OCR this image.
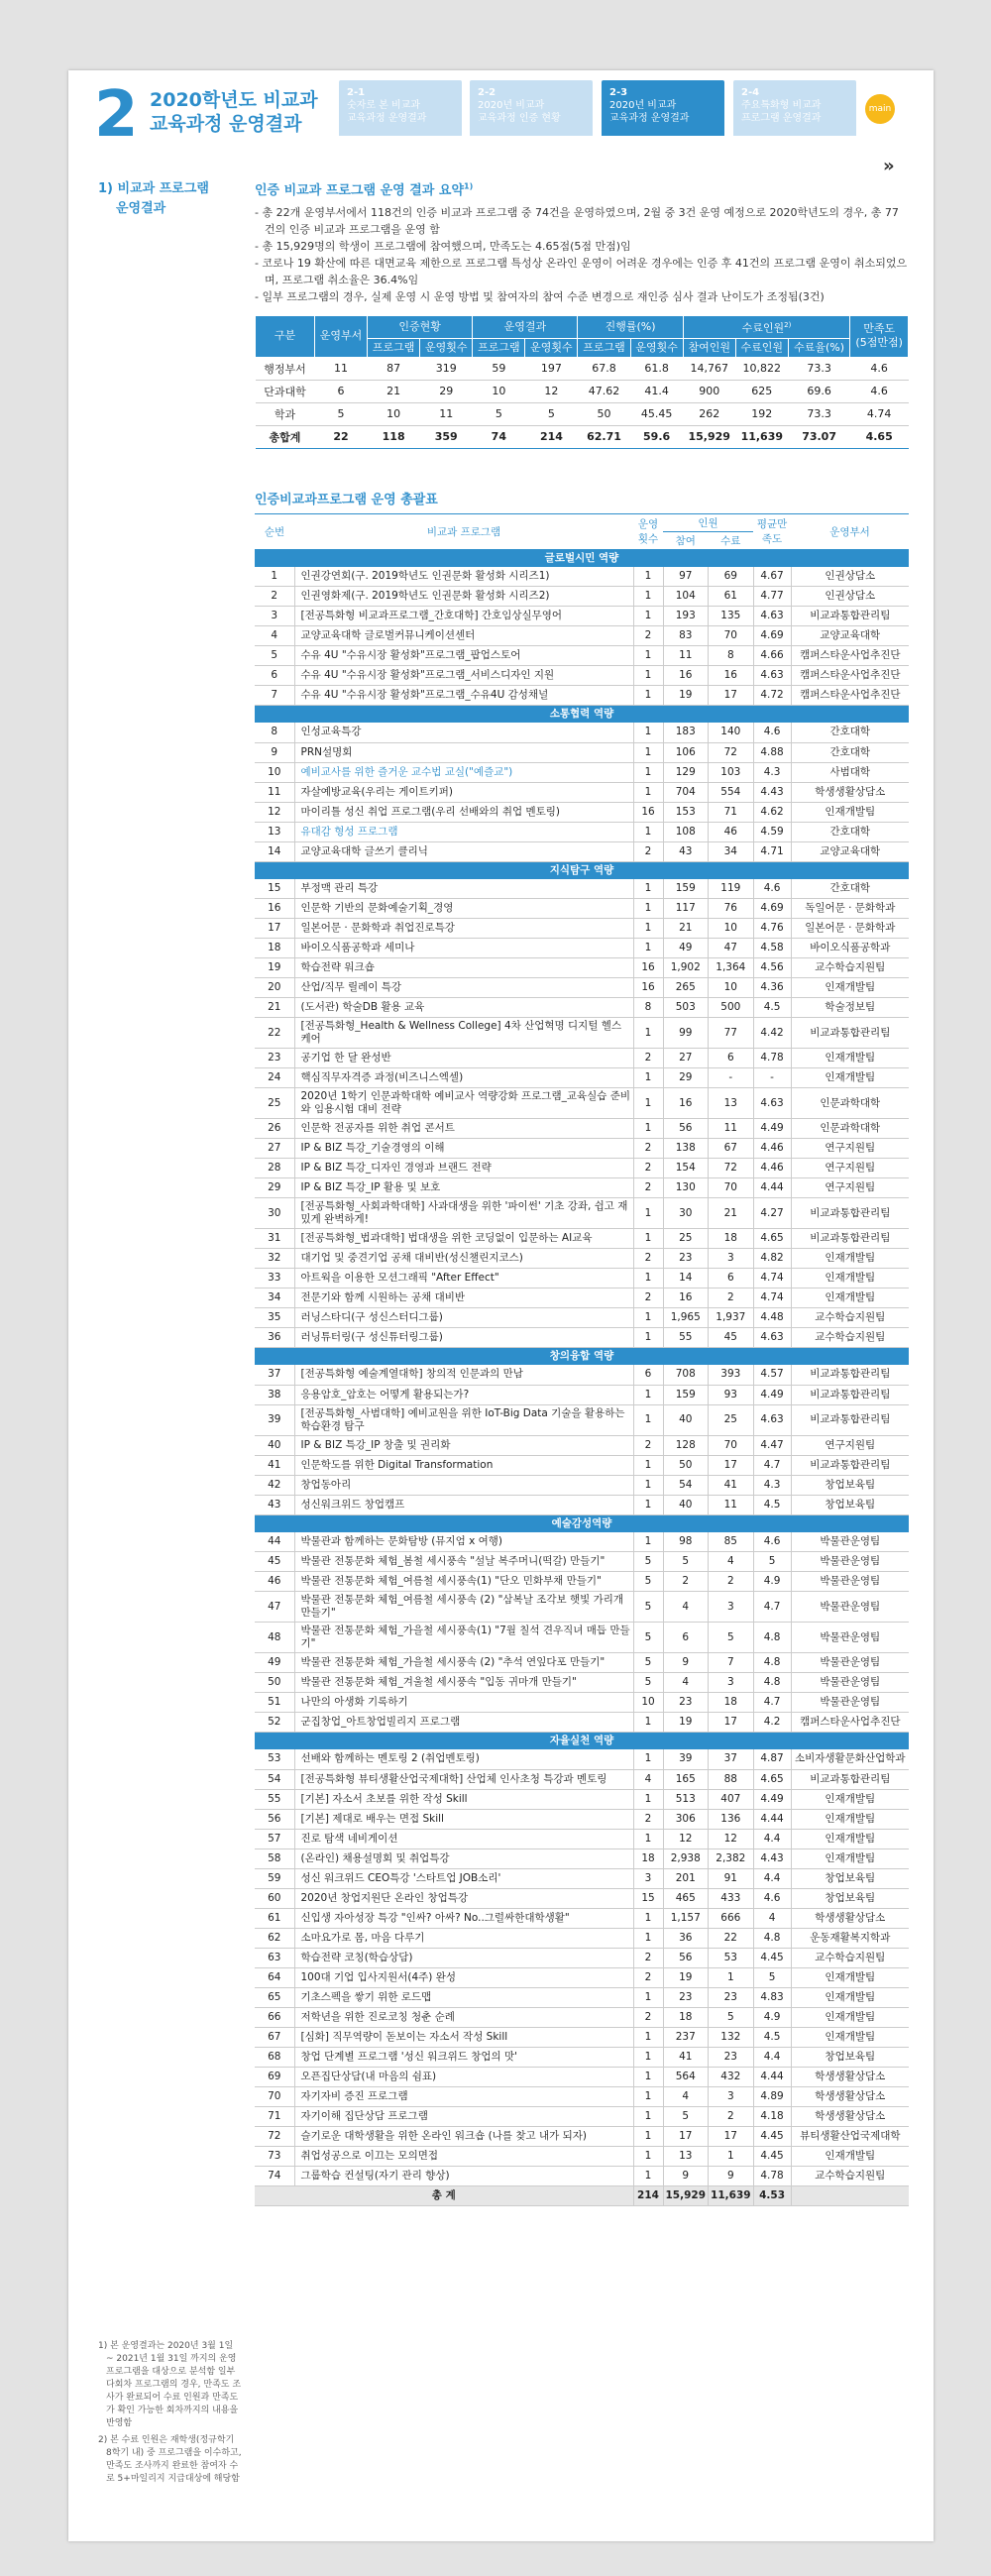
2 2020학년도 비교과
교육과정 운영결과
2-1
숫자로 본 비교과
교육과정 운영결과
2-2
2020년 비교과
교육과정 인증 현황
2-3
2020년 비교과
교육과정 운영결과
2-4
주요특화형 비교과
프로그램 운영결과
main
»
1) 비교과 프로그램
운영결과
인증 비교과 프로그램 운영 결과 요약$^{1)}$
- 총 22개 운영부서에서 118건의 인증 비교과 프로그램 중 74건을 운영하였으며, 2월 중 3건 운영 예정으로 2020학년도의 경우, 총 77건의 인증 비교과 프로그램을 운영 함
- 총 15,929명의 학생이 프로그램에 참여했으며, 만족도는 4.65점(5점 만점)임
- 코로나 19 확산에 따른 대면교육 제한으로 프로그램 특성상 온라인 운영이 어려운 경우에는 인증 후 41건의 프로그램 운영이 취소되었으며, 프로그램 취소율은 36.4%임
- 일부 프로그램의 경우, 실제 운영 시 운영 방법 및 참여자의 참여 수준 변경으로 재인증 심사 결과 난이도가 조정됨(3건)
구분	운영부서	인증현황		운영결과		진행률(%)		수료인원$^{2)}$			만족도
(5점만점)
		프로그램	운영횟수	프로그램	운영횟수	프로그램	운영횟수	참여인원	수료인원	수료율(%)	
행정부서	11	87	319	59	197	67.8	61.8	14,767	10,822	73.3	4.6
단과대학	6	21	29	10	12	47.62	41.4	900	625	69.6	4.6
학과	5	10	11	5	5	50	45.45	262	192	73.3	4.74
총합계	22	118	359	74	214	62.71	59.6	15,929	11,639	73.07	4.65
인증비교과프로그램 운영 총괄표
순번	비교과 프로그램	운영횟수	인원		평균만족도	운영부서
			참여	수료		
글로벌시민 역량						
1	인권강연회(구. 2019학년도 인권문화 활성화 시리즈1)	1	97	69	4.67	인권상담소
2	인권영화제(구. 2019학년도 인권문화 활성화 시리즈2)	1	104	61	4.77	인권상담소
3	[전공특화형 비교과프로그램_간호대학] 간호임상실무영어	1	193	135	4.63	비교과통합관리팀
4	교양교육대학 글로벌커뮤니케이션센터	2	83	70	4.69	교양교육대학
5	수유 4U "수유시장 활성화"프로그램_팝업스토어	1	11	8	4.66	캠퍼스타운사업추진단
6	수유 4U "수유시장 활성화"프로그램_서비스디자인 지원	1	16	16	4.63	캠퍼스타운사업추진단
7	수유 4U "수유시장 활성화"프로그램_수유4U 감성채널	1	19	17	4.72	캠퍼스타운사업추진단
소통협력 역량						
8	인성교육특강	1	183	140	4.6	간호대학
9	PRN설명회	1	106	72	4.88	간호대학
10	예비교사를 위한 즐거운 교수법 교실("예즐교")	1	129	103	4.3	사범대학
11	자살예방교육(우리는 게이트키퍼)	1	704	554	4.43	학생생활상담소
12	마이리틀 성신 취업 프로그램(우리 선배와의 취업 멘토링)	16	153	71	4.62	인재개발팀
13	유대감 형성 프로그램	1	108	46	4.59	간호대학
14	교양교육대학 글쓰기 클리닉	2	43	34	4.71	교양교육대학
지식탐구 역량						
15	부정맥 관리 특강	1	159	119	4.6	간호대학
16	인문학 기반의 문화예술기획_경영	1	117	76	4.69	독일어문 · 문화학과
17	일본어문 · 문화학과 취업진로특강	1	21	10	4.76	일본어문 · 문화학과
18	바이오식품공학과 세미나	1	49	47	4.58	바이오식품공학과
19	학습전략 워크숍	16	1,902	1,364	4.56	교수학습지원팀
20	산업/직무 릴레이 특강	16	265	10	4.36	인재개발팀
21	(도서관) 학술DB 활용 교육	8	503	500	4.5	학술정보팀
22	[전공특화형_Health & Wellness College] 4차 산업혁명 디지털 헬스케어	1	99	77	4.42	비교과통합관리팀
23	공기업 한 달 완성반	2	27	6	4.78	인재개발팀
24	핵심직무자격증 과정(비즈니스엑셀)	1	29	-	-	인재개발팀
25	2020년 1학기 인문과학대학 예비교사 역량강화 프로그램_교육실습 준비와 임용시험 대비 전략	1	16	13	4.63	인문과학대학
26	인문학 전공자를 위한 취업 콘서트	1	56	11	4.49	인문과학대학
27	IP & BIZ 특강_기술경영의 이해	2	138	67	4.46	연구지원팀
28	IP & BIZ 특강_디자인 경영과 브랜드 전략	2	154	72	4.46	연구지원팀
29	IP & BIZ 특강_IP 활용 및 보호	2	130	70	4.44	연구지원팀
30	[전공특화형_사회과학대학] 사과대생을 위한 '파이썬' 기초 강좌, 쉽고 재밌게 완벽하게!	1	30	21	4.27	비교과통합관리팀
31	[전공특화형_법과대학] 법대생을 위한 코딩없이 입문하는 AI교육	1	25	18	4.65	비교과통합관리팀
32	대기업 및 중견기업 공채 대비반(성신챌린지코스)	2	23	3	4.82	인재개발팀
33	아트웍을 이용한 모션그래픽 "After Effect"	1	14	6	4.74	인재개발팀
34	전문기와 함께 시원하는 공채 대비반	2	16	2	4.74	인재개발팀
35	러닝스타디(구 성신스터디그룹)	1	1,965	1,937	4.48	교수학습지원팀
36	러닝튜터링(구 성신튜터링그룹)	1	55	45	4.63	교수학습지원팀
창의융합 역량						
37	[전공특화형 예술계열대학] 창의적 인문과의 만남	6	708	393	4.57	비교과통합관리팀
38	응용암호_암호는 어떻게 활용되는가?	1	159	93	4.49	비교과통합관리팀
39	[전공특화형_사범대학] 예비교원을 위한 IoT-Big Data 기술을 활용하는 학습환경 탐구	1	40	25	4.63	비교과통합관리팀
40	IP & BIZ 특강_IP 창출 및 권리화	2	128	70	4.47	연구지원팀
41	인문학도를 위한 Digital Transformation	1	50	17	4.7	비교과통합관리팀
42	창업동아리	1	54	41	4.3	창업보육팀
43	성신워크위드 창업캠프	1	40	11	4.5	창업보육팀
예술감성역량						
44	박물관과 함께하는 문화탐방 (뮤지엄 x 여행)	1	98	85	4.6	박물관운영팀
45	박물관 전통문화 체험_봄철 세시풍속 "설날 복주머니(떡갈) 만들기"	5	5	4	5	박물관운영팀
46	박물관 전통문화 체험_여름철 세시풍속(1) "단오 민화부채 만들기"	5	2	2	4.9	박물관운영팀
47	박물관 전통문화 체험_여름철 세시풍속 (2) "삼복날 조각보 햇빛 가리개 만들기"	5	4	3	4.7	박물관운영팀
48	박물관 전통문화 체험_가을철 세시풍속(1) "7월 칠석 견우직녀 매듭 만들기"	5	6	5	4.8	박물관운영팀
49	박물관 전통문화 체험_가을철 세시풍속 (2) "추석 연잎다포 만들기"	5	9	7	4.8	박물관운영팀
50	박물관 전통문화 체험_겨울철 세시풍속 "입동 귀마개 만들기"	5	4	3	4.8	박물관운영팀
51	나만의 아생화 기록하기	10	23	18	4.7	박물관운영팀
52	군집창업_아트창업빌리지 프로그램	1	19	17	4.2	캠퍼스타운사업추진단
자율실천 역량						
53	선배와 함께하는 멘토링 2 (취업멘토링)	1	39	37	4.87	소비자생활문화산업학과
54	[전공특화형 뷰티생활산업국제대학] 산업체 인사초청 특강과 멘토링	4	165	88	4.65	비교과통합관리팀
55	[기본] 자소서 초보를 위한 작성 Skill	1	513	407	4.49	인재개발팀
56	[기본] 제대로 배우는 면접 Skill	2	306	136	4.44	인재개발팀
57	진로 탐색 네비게이션	1	12	12	4.4	인재개발팀
58	(온라인) 채용설명회 및 취업특강	18	2,938	2,382	4.43	인재개발팀
59	성신 워크위드 CEO특강 '스타트업 JOB소리'	3	201	91	4.4	창업보육팀
60	2020년 창업지원단 온라인 창업특강	15	465	433	4.6	창업보육팀
61	신입생 자아성장 특강 "인싸? 아싸? No..그럴싸한대학생활"	1	1,157	666	4	학생생활상담소
62	소마요가로 몸, 마음 다루기	1	36	22	4.8	운동재활복지학과
63	학습전략 코칭(학습상담)	2	56	53	4.45	교수학습지원팀
64	100대 기업 입사지원서(4주) 완성	2	19	1	5	인재개발팀
65	기초스펙을 쌓기 위한 로드맵	1	23	23	4.83	인재개발팀
66	저학년을 위한 진로코칭 청춘 순례	2	18	5	4.9	인재개발팀
67	[심화] 직무역량이 돋보이는 자소서 작성 Skill	1	237	132	4.5	인재개발팀
68	창업 단계별 프로그램 '성신 워크위드 창업의 맛'	1	41	23	4.4	창업보육팀
69	오픈집단상담(내 마음의 쉼표)	1	564	432	4.44	학생생활상담소
70	자기자비 증진 프로그램	1	4	3	4.89	학생생활상담소
71	자기이해 집단상담 프로그램	1	5	2	4.18	학생생활상담소
72	슬기로운 대학생활을 위한 온라인 워크숍 (나를 찾고 내가 되자)	1	17	17	4.45	뷰티생활산업국제대학
73	취업성공으로 이끄는 모의면접	1	13	1	4.45	인재개발팀
74	그룹학습 컨설팅(자기 관리 향상)	1	9	9	4.78	교수학습지원팀
총 계		214	15,929	11,639	4.53	

1) 본 운영결과는 2020년 3월 1일 ~ 2021년 1월 31일 까지의 운영 프로그램을 대상으로 분석함 일부 다회차 프로그램의 경우, 만족도 조사가 완료되어 수료 인원과 만족도가 확인 가능한 회차까지의 내용을 반영함

2) 본 수료 인원은 재학생(정규학기 8학기 내) 중 프로그램을 이수하고, 만족도 조사까지 완료한 참여자 수로 5+마일리지 지급대상에 해당함
